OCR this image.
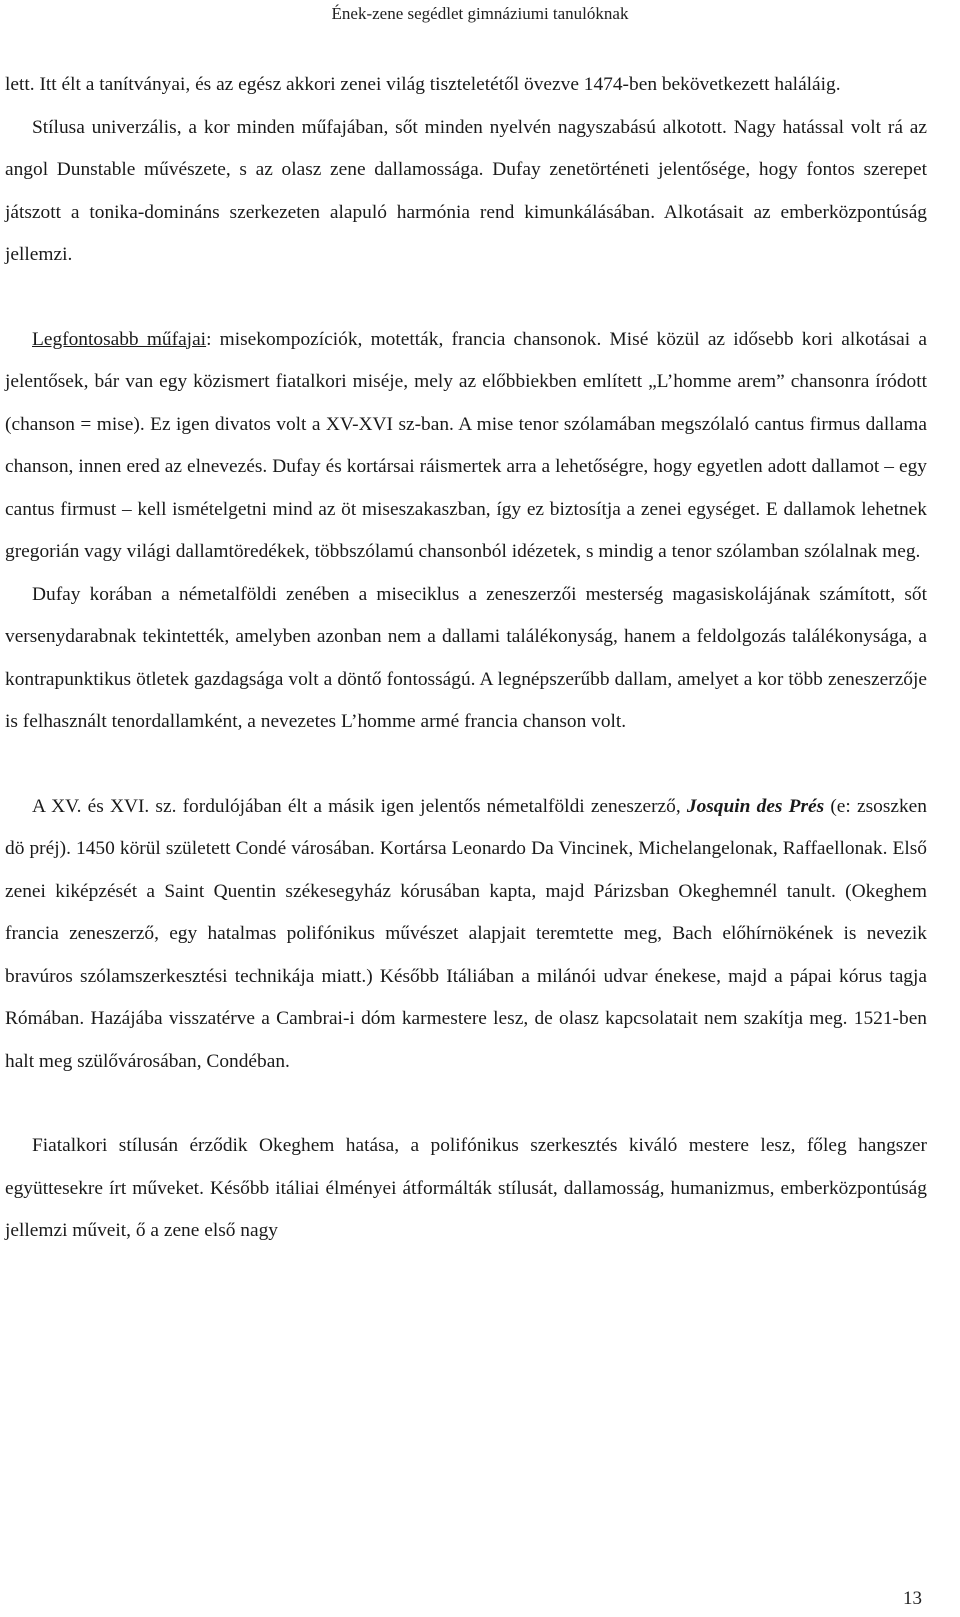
Ének-zene segédlet gimnáziumi tanulóknak

lett. Itt élt a tanítványai, és az egész akkori zenei világ tiszteletétől övezve 1474-ben bekövetkezett haláláig.

Stílusa univerzális, a kor minden műfajában, sőt minden nyelvén nagyszabású alkotott. Nagy hatással volt rá az angol Dunstable művészete, s az olasz zene dallamossága. Dufay zenetörténeti jelentősége, hogy fontos szerepet játszott a tonika-domináns szerkezeten alapuló harmónia rend kimunkálásában. Alkotásait az emberközpontúság jellemzi.

Legfontosabb műfajai: misekompozíciók, motetták, francia chansonok. Misé közül az idősebb kori alkotásai a jelentősek, bár van egy közismert fiatalkori miséje, mely az előbbiekben említett „L’homme arem” chansonra íródott (chanson = mise). Ez igen divatos volt a XV-XVI sz-ban. A mise tenor szólamában megszólaló cantus firmus dallama chanson, innen ered az elnevezés. Dufay és kortársai ráismertek arra a lehetőségre, hogy egyetlen adott dallamot – egy cantus firmust – kell ismételgetni mind az öt miseszakaszban, így ez biztosítja a zenei egységet. E dallamok lehetnek gregorián vagy világi dallamtöredékek, többszólamú chansonból idézetek, s mindig a tenor szólamban szólalnak meg.

Dufay korában a németalföldi zenében a miseciklus a zeneszerzői mesterség magasiskolájának számított, sőt versenydarabnak tekintették, amelyben azonban nem a dallami találékonyság, hanem a feldolgozás találékonysága, a kontrapunktikus ötletek gazdagsága volt a döntő fontosságú. A legnépszerűbb dallam, amelyet a kor több zeneszerzője is felhasznált tenordallamként, a nevezetes L’homme armé francia chanson volt.

A XV. és XVI. sz. fordulójában élt a másik igen jelentős németalföldi zeneszerző, Josquin des Prés (e: zsoszken dö préj). 1450 körül született Condé városában. Kortársa Leonardo Da Vincinek, Michelangelonak, Raffaellonak. Első zenei kiképzését a Saint Quentin székesegyház kórusában kapta, majd Párizsban Okeghemnél tanult. (Okeghem francia zeneszerző, egy hatalmas polifónikus művészet alapjait teremtette meg, Bach előhírnökének is nevezik bravúros szólamszerkesztési technikája miatt.) Később Itáliában a milánói udvar énekese, majd a pápai kórus tagja Rómában. Hazájába visszatérve a Cambrai-i dóm karmestere lesz, de olasz kapcsolatait nem szakítja meg. 1521-ben halt meg szülővárosában, Condéban.

Fiatalkori stílusán érződik Okeghem hatása, a polifónikus szerkesztés kiváló mestere lesz, főleg hangszer együttesekre írt műveket. Később itáliai élményei átformálták stílusát, dallamosság, humanizmus, emberközpontúság jellemzi műveit, ő a zene első nagy

13
